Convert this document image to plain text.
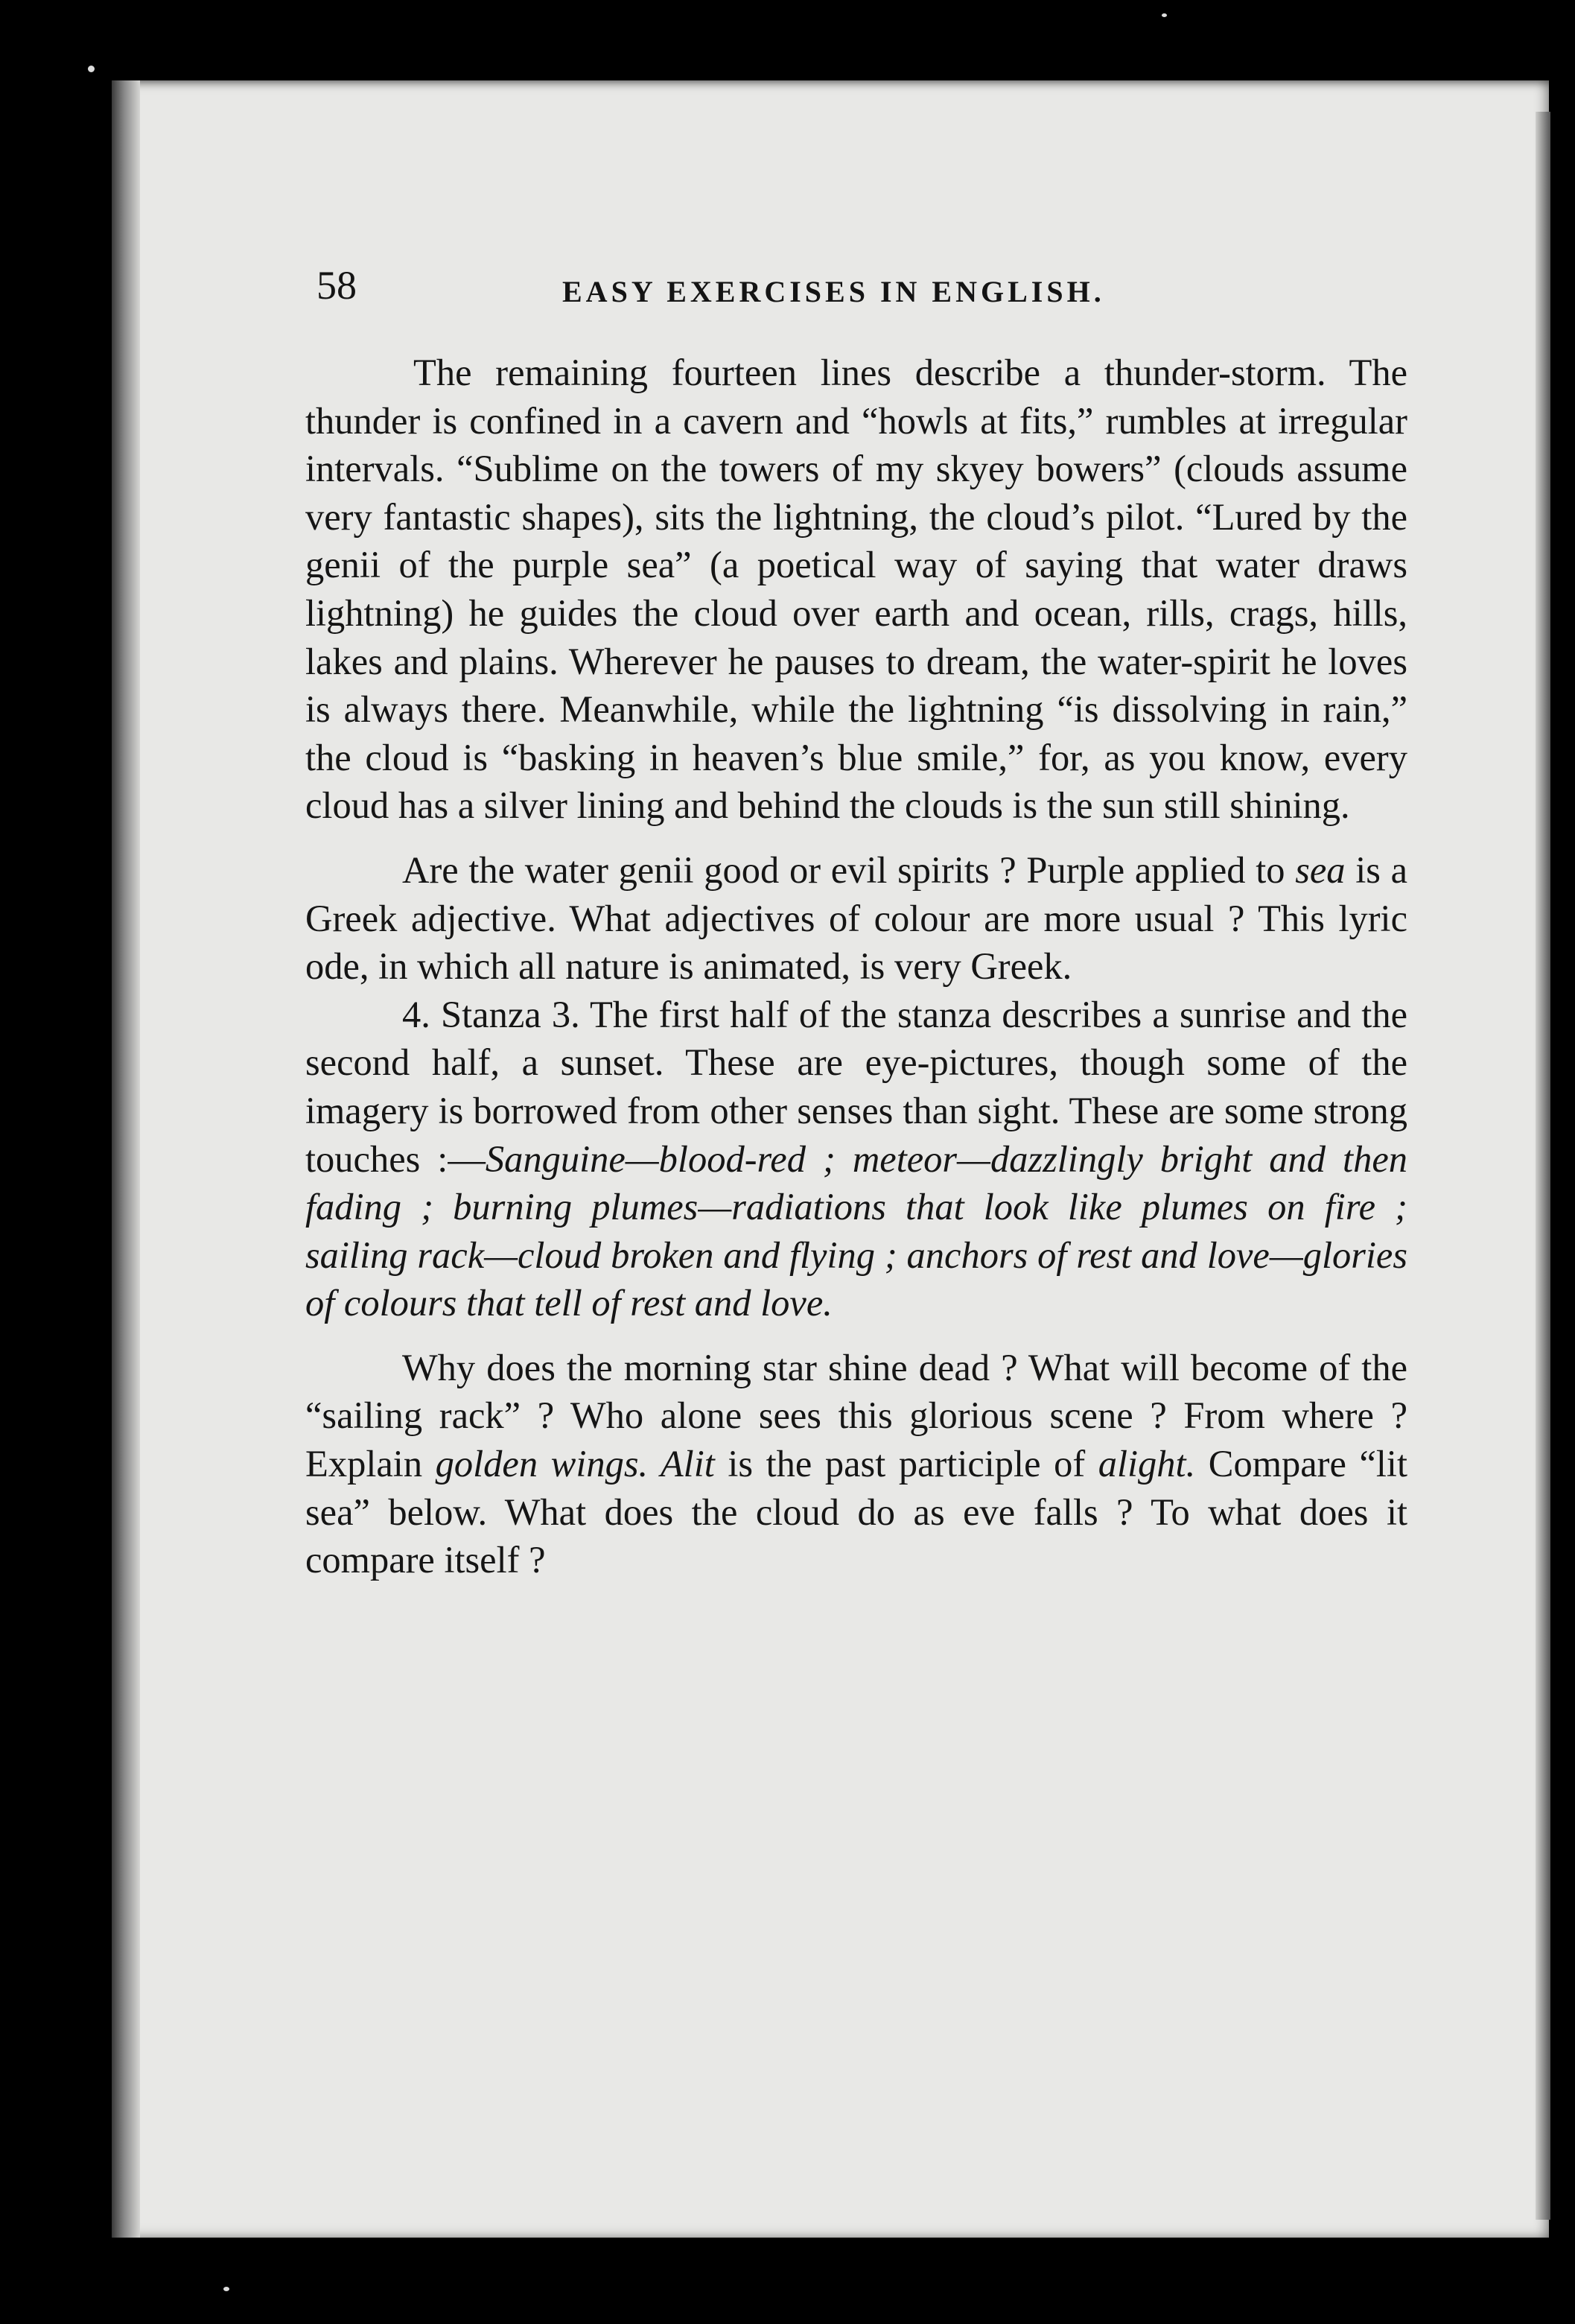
58	EASY EXERCISES IN ENGLISH.

The remaining fourteen lines describe a thunder-storm. The thunder is confined in a cavern and “howls at fits,” rumbles at irregular intervals. “Sublime on the towers of my skyey bowers” (clouds assume very fantastic shapes), sits the lightning, the cloud’s pilot. “Lured by the genii of the purple sea” (a poetical way of saying that water draws lightning) he guides the cloud over earth and ocean, rills, crags, hills, lakes and plains. Wherever he pauses to dream, the water-spirit he loves is always there. Meanwhile, while the lightning “is dissolving in rain,” the cloud is “basking in heaven’s blue smile,” for, as you know, every cloud has a silver lining and behind the clouds is the sun still shining.

Are the water genii good or evil spirits ? Purple applied to sea is a Greek adjective. What adjectives of colour are more usual ? This lyric ode, in which all nature is animated, is very Greek.

4. Stanza 3. The first half of the stanza describes a sunrise and the second half, a sunset. These are eye-pictures, though some of the imagery is borrowed from other senses than sight. These are some strong touches :—Sanguine—blood-red ; meteor—dazzlingly bright and then fading ; burning plumes—radiations that look like plumes on fire ; sailing rack—cloud broken and flying ; anchors of rest and love—glories of colours that tell of rest and love.

Why does the morning star shine dead ? What will become of the “sailing rack” ? Who alone sees this glorious scene ? From where ? Explain golden wings. Alit is the past participle of alight. Compare “lit sea” below. What does the cloud do as eve falls ? To what does it compare itself ?
